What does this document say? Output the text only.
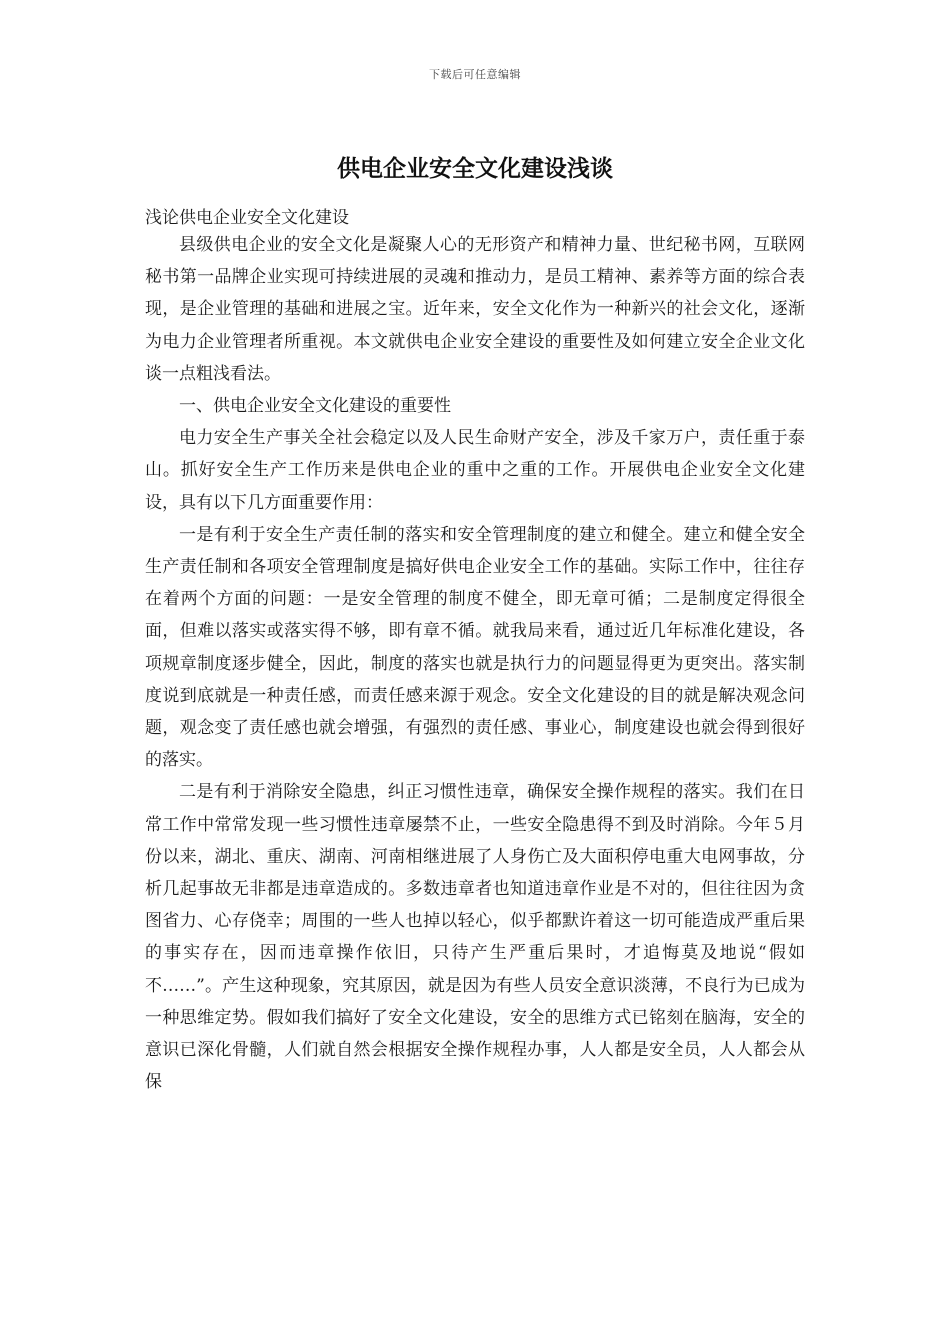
下载后可任意编辑
供电企业安全文化建设浅谈
浅论供电企业安全文化建设

县级供电企业的安全文化是凝聚人心的无形资产和精神力量、世纪秘书网，互联网秘书第一品牌企业实现可持续进展的灵魂和推动力，是员工精神、素养等方面的综合表现，是企业管理的基础和进展之宝。近年来，安全文化作为一种新兴的社会文化，逐渐为电力企业管理者所重视。本文就供电企业安全建设的重要性及如何建立安全企业文化谈一点粗浅看法。

一、供电企业安全文化建设的重要性

电力安全生产事关全社会稳定以及人民生命财产安全，涉及千家万户，责任重于泰山。抓好安全生产工作历来是供电企业的重中之重的工作。开展供电企业安全文化建设，具有以下几方面重要作用：

一是有利于安全生产责任制的落实和安全管理制度的建立和健全。建立和健全安全生产责任制和各项安全管理制度是搞好供电企业安全工作的基础。实际工作中，往往存在着两个方面的问题：一是安全管理的制度不健全，即无章可循；二是制度定得很全面，但难以落实或落实得不够，即有章不循。就我局来看，通过近几年标准化建设，各项规章制度逐步健全，因此，制度的落实也就是执行力的问题显得更为更突出。落实制度说到底就是一种责任感，而责任感来源于观念。安全文化建设的目的就是解决观念问题，观念变了责任感也就会增强，有强烈的责任感、事业心，制度建设也就会得到很好的落实。

二是有利于消除安全隐患，纠正习惯性违章，确保安全操作规程的落实。我们在日常工作中常常发现一些习惯性违章屡禁不止，一些安全隐患得不到及时消除。今年５月份以来，湖北、重庆、湖南、河南相继进展了人身伤亡及大面积停电重大电网事故，分析几起事故无非都是违章造成的。多数违章者也知道违章作业是不对的，但往往因为贪图省力、心存侥幸；周围的一些人也掉以轻心，似乎都默许着这一切可能造成严重后果的事实存在，因而违章操作依旧，只待产生严重后果时，才追悔莫及地说“假如不……”。产生这种现象，究其原因，就是因为有些人员安全意识淡薄，不良行为已成为一种思维定势。假如我们搞好了安全文化建设，安全的思维方式已铭刻在脑海，安全的意识已深化骨髓，人们就自然会根据安全操作规程办事，人人都是安全员，人人都会从保
